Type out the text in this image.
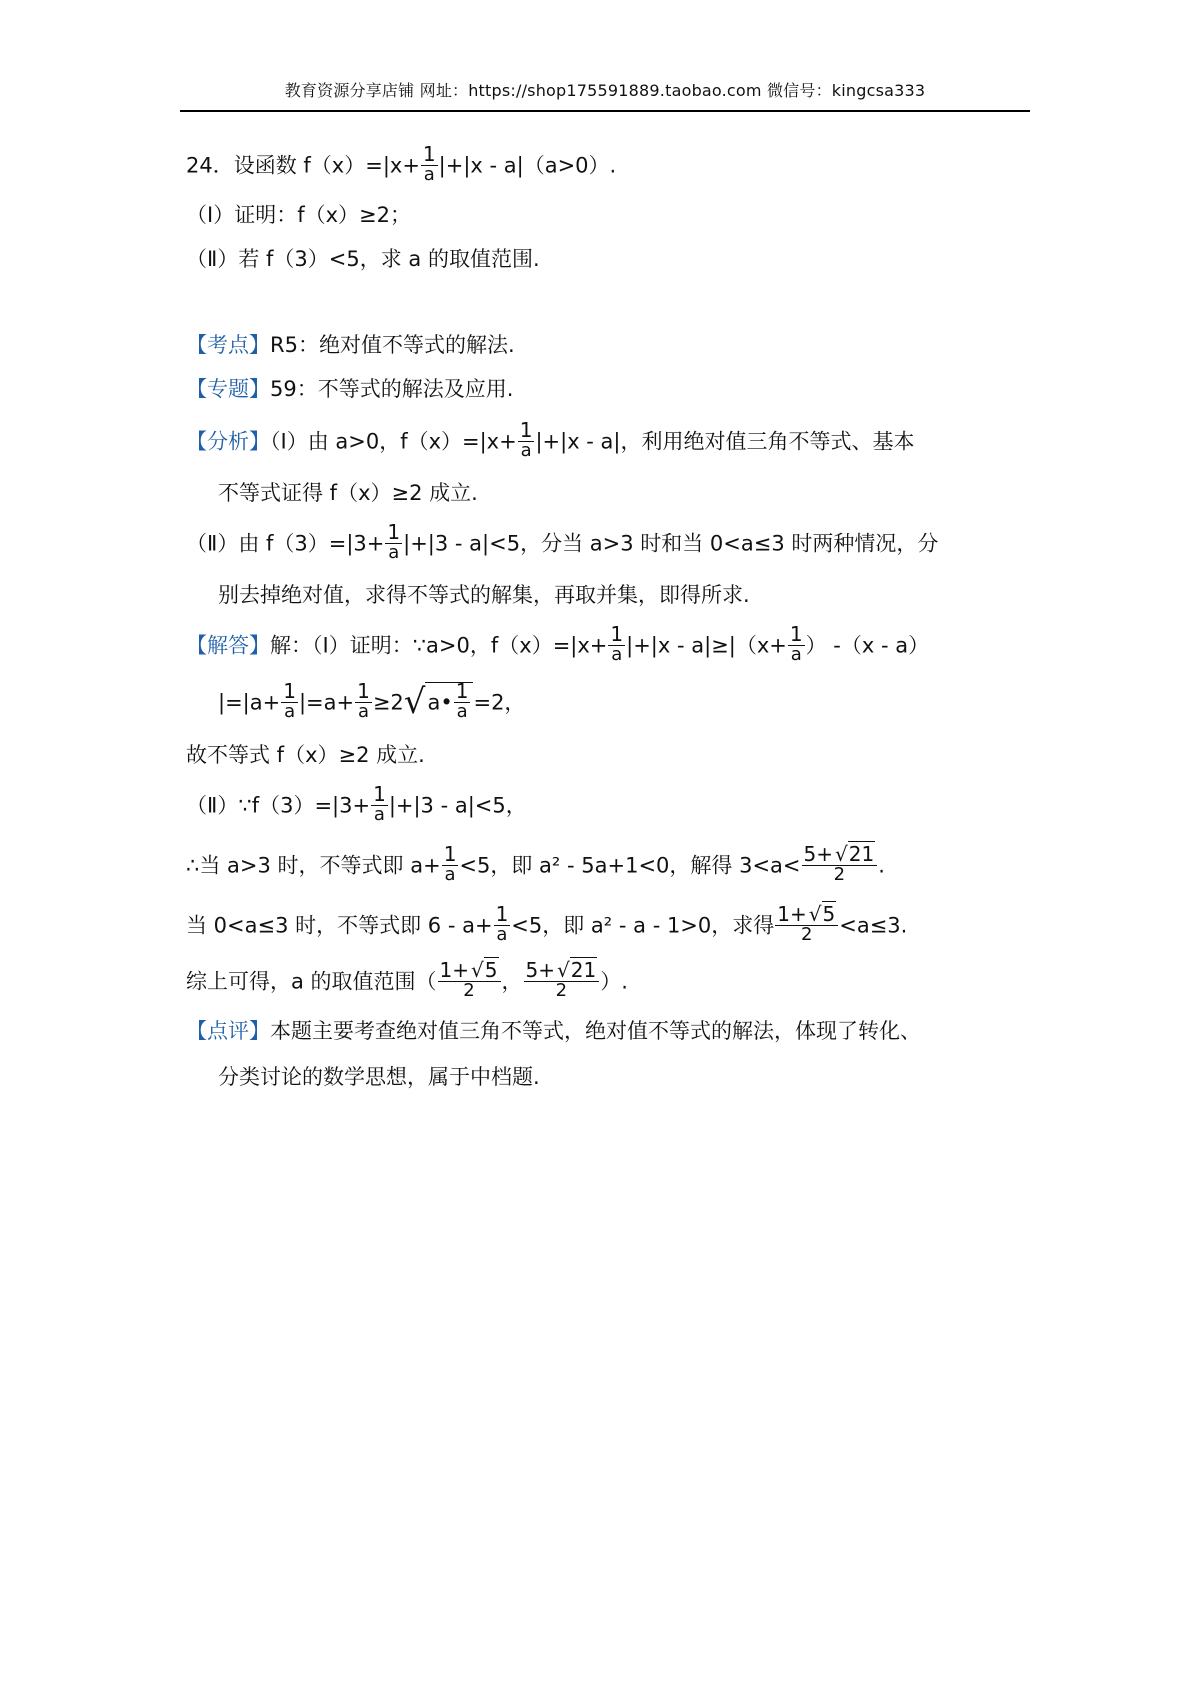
教育资源分享店铺 网址：https://shop175591889.taobao.com 微信号：kingcsa333
24．设函数 $f(x)=|x+ \frac{1}{a} |+|x - a|(a>0)$.
（Ⅰ）证明：f（x）≥2；
（Ⅱ）若 f（3）<5，求 a 的取值范围.
【考点】R5：绝对值不等式的解法.
【专题】59：不等式的解法及应用.
【分析】（Ⅰ）由 a>0，$f(x)=|x+ \frac{1}{a} |+|x - a|$，利用绝对值三角不等式、基本
不等式证得 f（x）≥2 成立.
（Ⅱ）由 $f(3)=|3+ \frac{1}{a} |+|3 - a|<5$，分当 a>3 时和当 0<a≤3 时两种情况，分
别去掉绝对值，求得不等式的解集，再取并集，即得所求.
【解答】解：（Ⅰ）证明：∵a>0，$f(x)=|x+ \frac{1}{a} |+|x - a|\ge|(x+ \frac{1}{a}$ ） -（x - a）
$|=|a+ \frac{1}{a} |=a+ \frac{1}{a}$ ≥2√a• $\frac{1}{a} =2$，
故不等式 f（x）≥2 成立.
（Ⅱ）∵f（3）=|3+ $\frac{1}{a} |+|3 - a|<5$，
∴当 a>3 时，不等式即 $a+ \frac{1}{a} <5$，即 a² - 5a+1<0，解得 $3<a< \frac{5+ √21}{2}$ .
当 0<a≤3 时，不等式即 $6 - a+ \frac{1}{a} <5$，即 a² - a - 1>0，求得 $\frac{1+ √5}{2} <a\le 3$.
综上可得，a 的取值范围（ $\frac{1+ √5}{2}$ ， $\frac{5+ √21}{2}$ ）.
【点评】本题主要考查绝对值三角不等式，绝对值不等式的解法，体现了转化、
分类讨论的数学思想，属于中档题.
